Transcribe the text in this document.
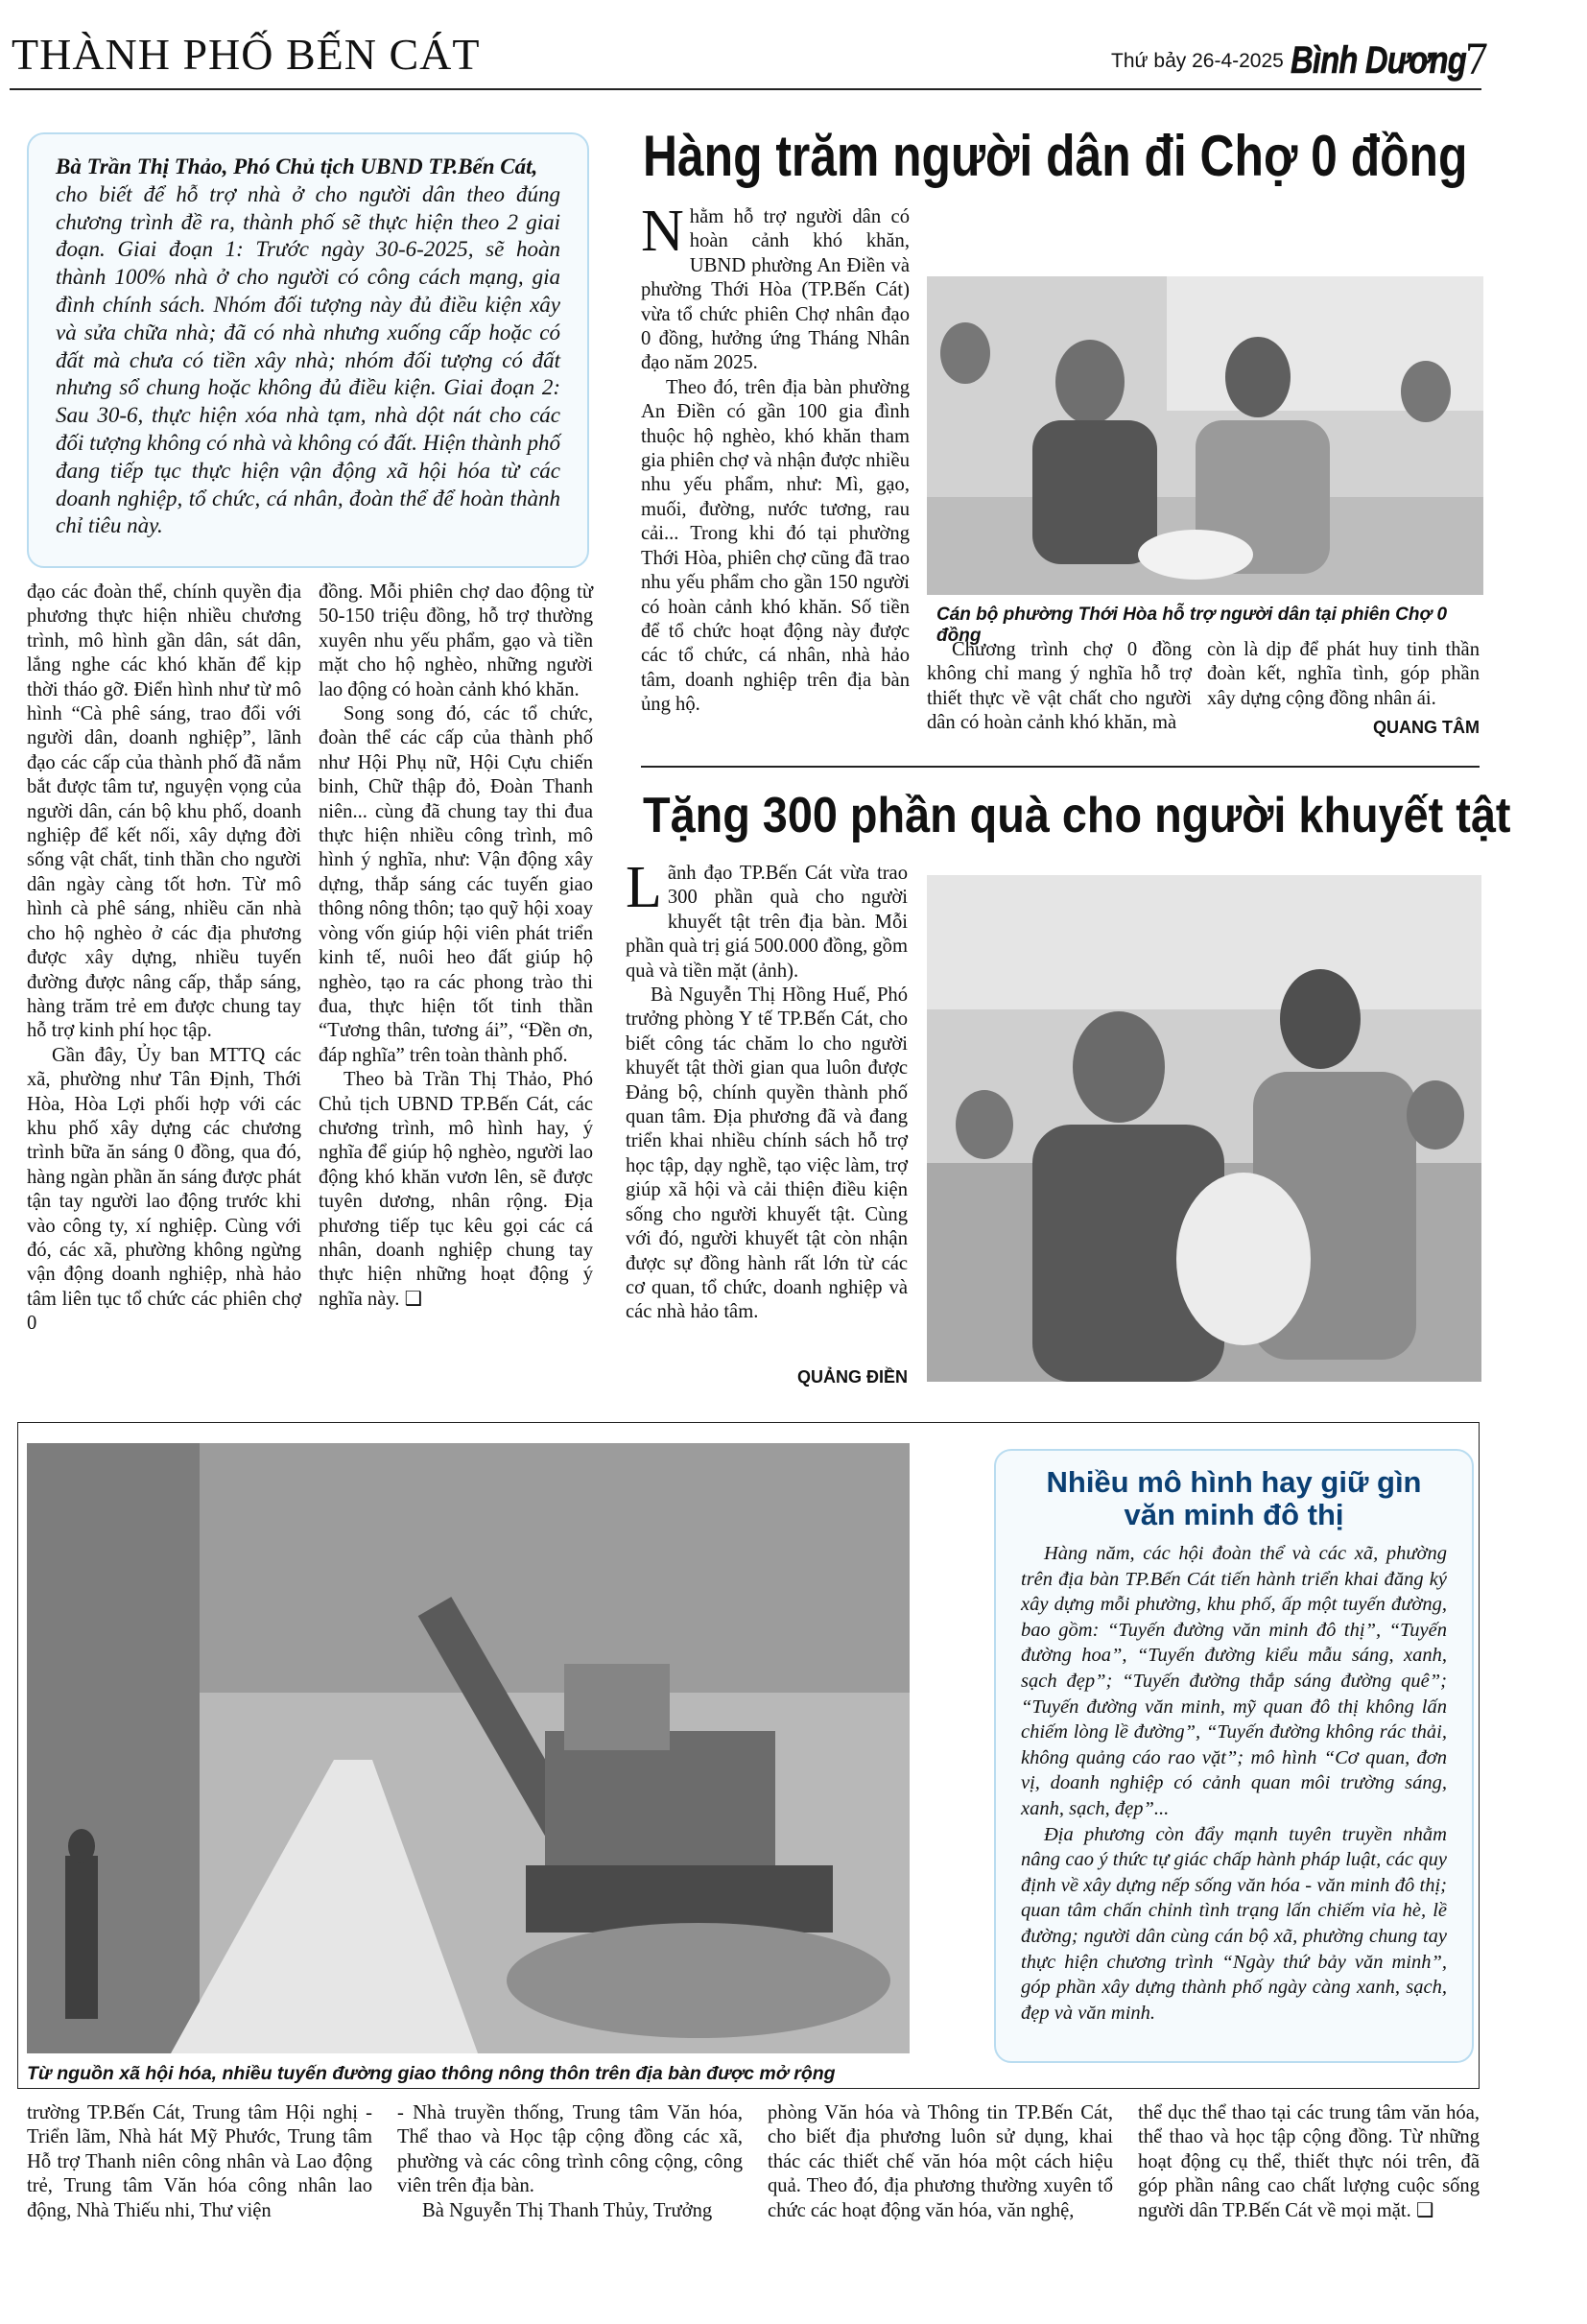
THÀNH PHỐ BẾN CÁT	Thứ bảy 26-4-2025 Bình Dương 7

Bà Trần Thị Thảo, Phó Chủ tịch UBND TP.Bến Cát,
cho biết để hỗ trợ nhà ở cho người dân theo đúng chương trình đề ra, thành phố sẽ thực hiện theo 2 giai đoạn. Giai đoạn 1: Trước ngày 30-6-2025, sẽ hoàn thành 100% nhà ở cho người có công cách mạng, gia đình chính sách. Nhóm đối tượng này đủ điều kiện xây và sửa chữa nhà; đã có nhà nhưng xuống cấp hoặc có đất mà chưa có tiền xây nhà; nhóm đối tượng có đất nhưng sổ chung hoặc không đủ điều kiện. Giai đoạn 2: Sau 30-6, thực hiện xóa nhà tạm, nhà dột nát cho các đối tượng không có nhà và không có đất. Hiện thành phố đang tiếp tục thực hiện vận động xã hội hóa từ các doanh nghiệp, tổ chức, cá nhân, đoàn thể để hoàn thành chỉ tiêu này.

đạo các đoàn thể, chính quyền địa phương thực hiện nhiều chương trình, mô hình gần dân, sát dân, lắng nghe các khó khăn để kịp thời tháo gỡ. Điển hình như từ mô hình “Cà phê sáng, trao đổi với người dân, doanh nghiệp”, lãnh đạo các cấp của thành phố đã nắm bắt được tâm tư, nguyện vọng của người dân, cán bộ khu phố, doanh nghiệp để kết nối, xây dựng đời sống vật chất, tinh thần cho người dân ngày càng tốt hơn. Từ mô hình cà phê sáng, nhiều căn nhà cho hộ nghèo ở các địa phương được xây dựng, nhiều tuyến đường được nâng cấp, thắp sáng, hàng trăm trẻ em được chung tay hỗ trợ kinh phí học tập.

Gần đây, Ủy ban MTTQ các xã, phường như Tân Định, Thới Hòa, Hòa Lợi phối hợp với các khu phố xây dựng các chương trình bữa ăn sáng 0 đồng, qua đó, hàng ngàn phần ăn sáng được phát tận tay người lao động trước khi vào công ty, xí nghiệp. Cùng với đó, các xã, phường không ngừng vận động doanh nghiệp, nhà hảo tâm liên tục tổ chức các phiên chợ 0

đồng. Mỗi phiên chợ dao động từ 50-150 triệu đồng, hỗ trợ thường xuyên nhu yếu phẩm, gạo và tiền mặt cho hộ nghèo, những người lao động có hoàn cảnh khó khăn.

Song song đó, các tổ chức, đoàn thể các cấp của thành phố như Hội Phụ nữ, Hội Cựu chiến binh, Chữ thập đỏ, Đoàn Thanh niên... cùng đã chung tay thi đua thực hiện nhiều công trình, mô hình ý nghĩa, như: Vận động xây dựng, thắp sáng các tuyến giao thông nông thôn; tạo quỹ hội xoay vòng vốn giúp hội viên phát triển kinh tế, nuôi heo đất giúp hộ nghèo, tạo ra các phong trào thi đua, thực hiện tốt tinh thần “Tương thân, tương ái”, “Đền ơn, đáp nghĩa” trên toàn thành phố.

Theo bà Trần Thị Thảo, Phó Chủ tịch UBND TP.Bến Cát, các chương trình, mô hình hay, ý nghĩa để giúp hộ nghèo, người lao động khó khăn vươn lên, sẽ được tuyên dương, nhân rộng. Địa phương tiếp tục kêu gọi các cá nhân, doanh nghiệp chung tay thực hiện những hoạt động ý nghĩa này. ❑

Hàng trăm người dân đi Chợ 0 đồng

Nhằm hỗ trợ người dân có hoàn cảnh khó khăn, UBND phường An Điền và phường Thới Hòa (TP.Bến Cát) vừa tổ chức phiên Chợ nhân đạo 0 đồng, hưởng ứng Tháng Nhân đạo năm 2025.

Theo đó, trên địa bàn phường An Điền có gần 100 gia đình thuộc hộ nghèo, khó khăn tham gia phiên chợ và nhận được nhiều nhu yếu phẩm, như: Mì, gạo, muối, đường, nước tương, rau cải... Trong khi đó tại phường Thới Hòa, phiên chợ cũng đã trao nhu yếu phẩm cho gần 150 người có hoàn cảnh khó khăn. Số tiền để tổ chức hoạt động này được các tổ chức, cá nhân, nhà hảo tâm, doanh nghiệp trên địa bàn ủng hộ.

Cán bộ phường Thới Hòa hỗ trợ người dân tại phiên Chợ 0 đồng

Chương trình chợ 0 đồng không chỉ mang ý nghĩa hỗ trợ thiết thực về vật chất cho người dân có hoàn cảnh khó khăn, mà

còn là dịp để phát huy tinh thần đoàn kết, nghĩa tình, góp phần xây dựng cộng đồng nhân ái.

QUANG TÂM
Tặng 300 phần quà cho người khuyết tật

Lãnh đạo TP.Bến Cát vừa trao 300 phần quà cho người khuyết tật trên địa bàn. Mỗi phần quà trị giá 500.000 đồng, gồm quà và tiền mặt (ảnh).

Bà Nguyễn Thị Hồng Huế, Phó trưởng phòng Y tế TP.Bến Cát, cho biết công tác chăm lo cho người khuyết tật thời gian qua luôn được Đảng bộ, chính quyền thành phố quan tâm. Địa phương đã và đang triển khai nhiều chính sách hỗ trợ học tập, dạy nghề, tạo việc làm, trợ giúp xã hội và cải thiện điều kiện sống cho người khuyết tật. Cùng với đó, người khuyết tật còn nhận được sự đồng hành rất lớn từ các cơ quan, tổ chức, doanh nghiệp và các nhà hảo tâm.

QUẢNG ĐIỀN
Từ nguồn xã hội hóa, nhiều tuyến đường giao thông nông thôn trên địa bàn được mở rộng
Nhiều mô hình hay giữ gìn văn minh đô thị

Hàng năm, các hội đoàn thể và các xã, phường trên địa bàn TP.Bến Cát tiến hành triển khai đăng ký xây dựng mỗi phường, khu phố, ấp một tuyến đường, bao gồm: “Tuyến đường văn minh đô thị”, “Tuyến đường hoa”, “Tuyến đường kiểu mẫu sáng, xanh, sạch đẹp”; “Tuyến đường thắp sáng đường quê”; “Tuyến đường văn minh, mỹ quan đô thị không lấn chiếm lòng lề đường”, “Tuyến đường không rác thải, không quảng cáo rao vặt”; mô hình “Cơ quan, đơn vị, doanh nghiệp có cảnh quan môi trường sáng, xanh, sạch, đẹp”...

Địa phương còn đẩy mạnh tuyên truyền nhằm nâng cao ý thức tự giác chấp hành pháp luật, các quy định về xây dựng nếp sống văn hóa - văn minh đô thị; quan tâm chấn chỉnh tình trạng lấn chiếm vỉa hè, lề đường; người dân cùng cán bộ xã, phường chung tay thực hiện chương trình “Ngày thứ bảy văn minh”, góp phần xây dựng thành phố ngày càng xanh, sạch, đẹp và văn minh.

trường TP.Bến Cát, Trung tâm Hội nghị - Triển lãm, Nhà hát Mỹ Phước, Trung tâm Hỗ trợ Thanh niên công nhân và Lao động trẻ, Trung tâm Văn hóa công nhân lao động, Nhà Thiếu nhi, Thư viện

- Nhà truyền thống, Trung tâm Văn hóa, Thể thao và Học tập cộng đồng các xã, phường và các công trình công cộng, công viên trên địa bàn.

Bà Nguyễn Thị Thanh Thủy, Trưởng

phòng Văn hóa và Thông tin TP.Bến Cát, cho biết địa phương luôn sử dụng, khai thác các thiết chế văn hóa một cách hiệu quả. Theo đó, địa phương thường xuyên tổ chức các hoạt động văn hóa, văn nghệ,

thể dục thể thao tại các trung tâm văn hóa, thể thao và học tập cộng đồng. Từ những hoạt động cụ thể, thiết thực nói trên, đã góp phần nâng cao chất lượng cuộc sống người dân TP.Bến Cát về mọi mặt. ❑
